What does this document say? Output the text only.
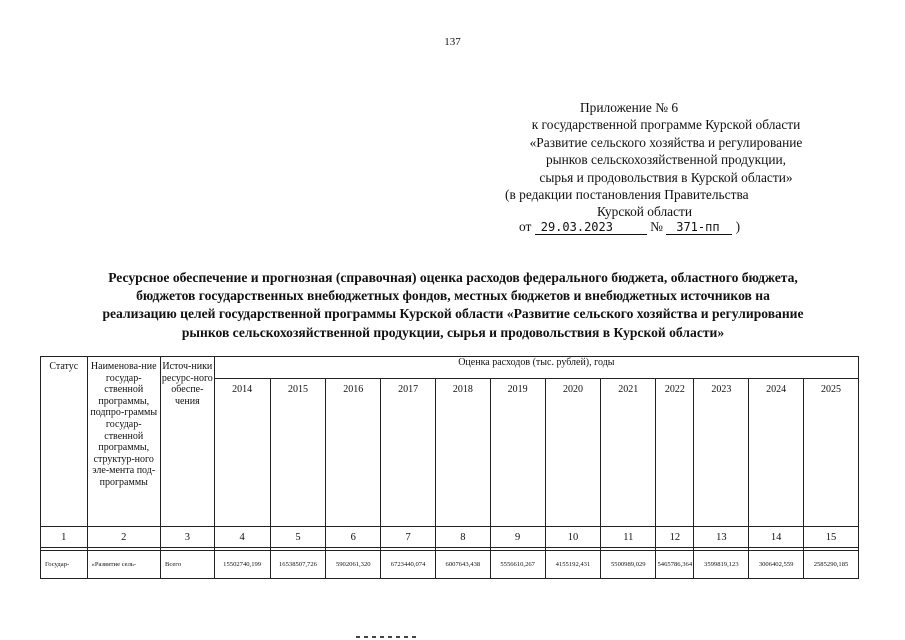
137
Приложение № 6
к государственной программе Курской области
«Развитие сельского хозяйства и регулирование
рынков сельскохозяйственной продукции,
сырья и продовольствия в Курской области»
(в редакции постановления Правительства
Курской области
от 29.03.2023	№ 371-пп )
Ресурсное обеспечение и прогнозная (справочная) оценка расходов федерального бюджета, областного бюджета,
бюджетов государственных внебюджетных фондов, местных бюджетов и внебюджетных источников на
реализацию целей государственной программы Курской области «Развитие сельского хозяйства и регулирование
рынков сельскохозяйственной продукции, сырья и продовольствия в Курской области»
Статус	Наименова-ние государ-ственной программы, подпро-граммы государ-ственной программы, структур-ного эле-мента под-программы	Источ-ники ресурс-ного обеспе-чения	Оценка расходов (тыс. рублей), годы											
			2014	2015	2016	2017	2018	2019	2020	2021	2022	2023	2024	2025
1	2	3	4	5	6	7	8	9	10	11	12	13	14	15

Государ-	«Развитие сель-	Всего	15502740,199	16538507,726	5902061,320	6723440,074	6007643,438	5556610,267	4155192,431	5500989,029	5465786,364	3599819,123	3006402,559	2585290,185
